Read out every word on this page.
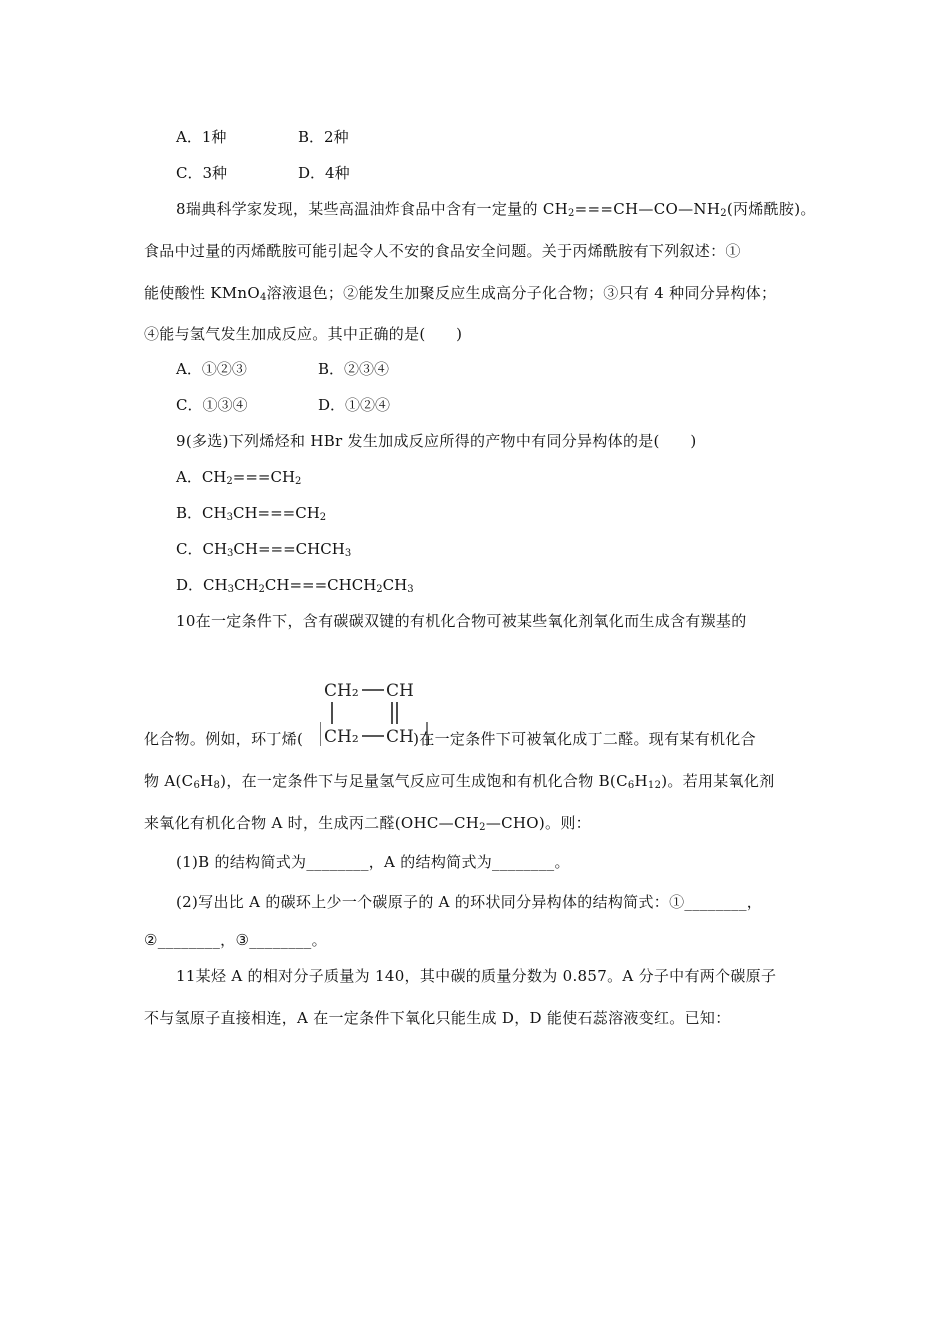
A．1种	B．2种
C．3种	D．4种
8瑞典科学家发现，某些高温油炸食品中含有一定量的 $CH_2===CH—CO—NH_2$(丙烯酰胺)。
食品中过量的丙烯酰胺可能引起令人不安的食品安全问题。关于丙烯酰胺有下列叙述：①
能使酸性 KMnO$_4$溶液退色；②能发生加聚反应生成高分子化合物；③只有 4 种同分异构体；
④能与氢气发生加成反应。其中正确的是(　　)
A．①②③	B．②③④
C．①③④	D．①②④
9(多选)下列烯烃和 HBr 发生加成反应所得的产物中有同分异构体的是(　　)
A．$CH_2===CH_2$
B．$CH_3CH===CH_2$
C．$CH_3CH===CHCH_3$
D．$CH_3CH_2CH===CHCH_2CH_3$
10在一定条件下，含有碳碳双键的有机化合物可被某些氧化剂氧化而生成含有羰基的
CH₂ CH
CH₂ CH
化合物。例如，环丁烯(	)在一定条件下可被氧化成丁二醛。现有某有机化合
物 $A(C_6H_8)$，在一定条件下与足量氢气反应可生成饱和有机化合物 $B(C_6H_{12})$。若用某氧化剂
来氧化有机化合物 A 时，生成丙二醛$(OHC—CH_2—CHO)$。则：
(1)B 的结构简式为________，A 的结构简式为________。
(2)写出比 A 的碳环上少一个碳原子的 A 的环状同分异构体的结构简式：①________，
②________，③________。
11某烃 A 的相对分子质量为 140，其中碳的质量分数为 0.857。A 分子中有两个碳原子
不与氢原子直接相连，A 在一定条件下氧化只能生成 D，D 能使石蕊溶液变红。已知：
